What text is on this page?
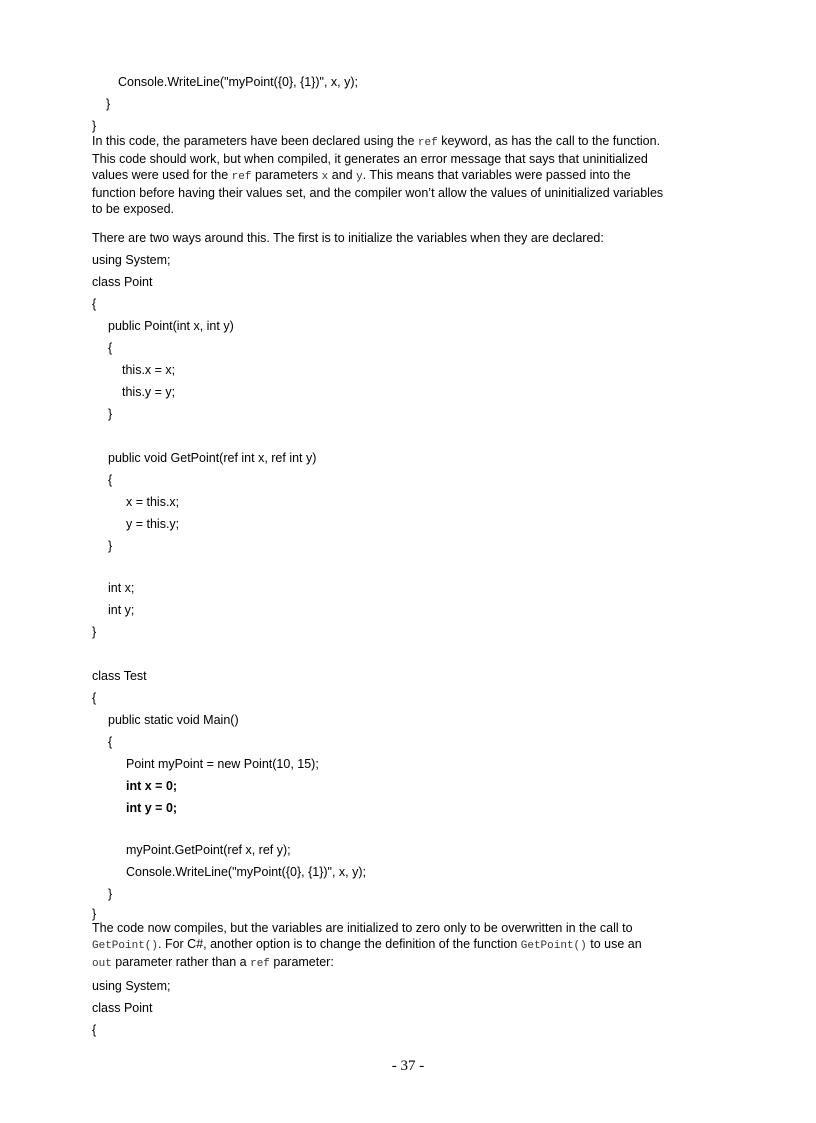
Console.WriteLine("myPoint({0}, {1})", x, y);
}
}
In this code, the parameters have been declared using the ref keyword, as has the call to the function.
This code should work, but when compiled, it generates an error message that says that uninitialized
values were used for the ref parameters x and y. This means that variables were passed into the
function before having their values set, and the compiler won’t allow the values of uninitialized variables
to be exposed.
There are two ways around this. The first is to initialize the variables when they are declared:
using System;
class Point
{
public Point(int x, int y)
{
this.x = x;
this.y = y;
}
public void GetPoint(ref int x, ref int y)
{
x = this.x;
y = this.y;
}
int x;
int y;
}
class Test
{
public static void Main()
{
Point myPoint = new Point(10, 15);
int x = 0;
int y = 0;
myPoint.GetPoint(ref x, ref y);
Console.WriteLine("myPoint({0}, {1})", x, y);
}
}
The code now compiles, but the variables are initialized to zero only to be overwritten in the call to
GetPoint(). For C#, another option is to change the definition of the function GetPoint() to use an
out parameter rather than a ref parameter:
using System;
class Point
{
- 37 -
